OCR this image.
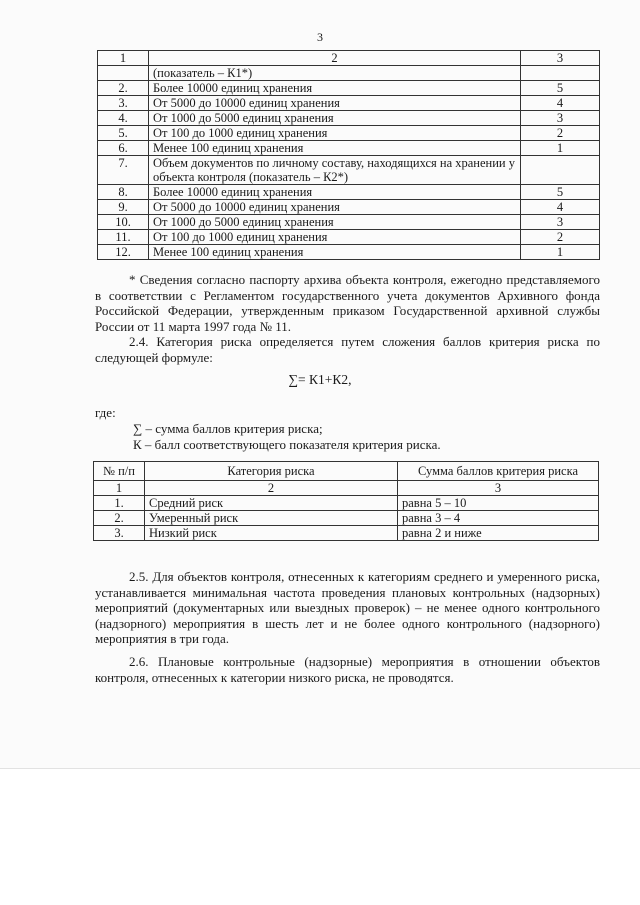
3
1	2	3
	(показатель – К1*)	
2.	Более 10000 единиц хранения	5
3.	От 5000 до 10000 единиц хранения	4
4.	От 1000 до 5000 единиц хранения	3
5.	От 100 до 1000 единиц хранения	2
6.	Менее 100 единиц хранения	1
7.	Объем документов по личному составу, находящихся на хранении у объекта контроля (показатель – К2*)	
8.	Более 10000 единиц хранения	5
9.	От 5000 до 10000 единиц хранения	4
10.	От 1000 до 5000 единиц хранения	3
11.	От 100 до 1000 единиц хранения	2
12.	Менее 100 единиц хранения	1

* Сведения согласно паспорту архива объекта контроля, ежегодно представляемого в соответствии с Регламентом государственного учета документов Архивного фонда Российской Федерации, утвержденным приказом Государственной архивной службы России от 11 марта 1997 года № 11.

2.4. Категория риска определяется путем сложения баллов критерия риска по следующей формуле:

∑= К1+К2,

где:

∑ – сумма баллов критерия риска;
К – балл соответствующего показателя критерия риска.
№ п/п	Категория риска	Сумма баллов критерия риска
1	2	3
1.	Средний риск	равна 5 – 10
2.	Умеренный риск	равна 3 – 4
3.	Низкий риск	равна 2 и ниже

2.5. Для объектов контроля, отнесенных к категориям среднего и умеренного риска, устанавливается минимальная частота проведения плановых контрольных (надзорных) мероприятий (документарных или выездных проверок) – не менее одного контрольного (надзорного) мероприятия в шесть лет и не более одного контрольного (надзорного) мероприятия в три года.

2.6. Плановые контрольные (надзорные) мероприятия в отношении объектов контроля, отнесенных к категории низкого риска, не проводятся.
